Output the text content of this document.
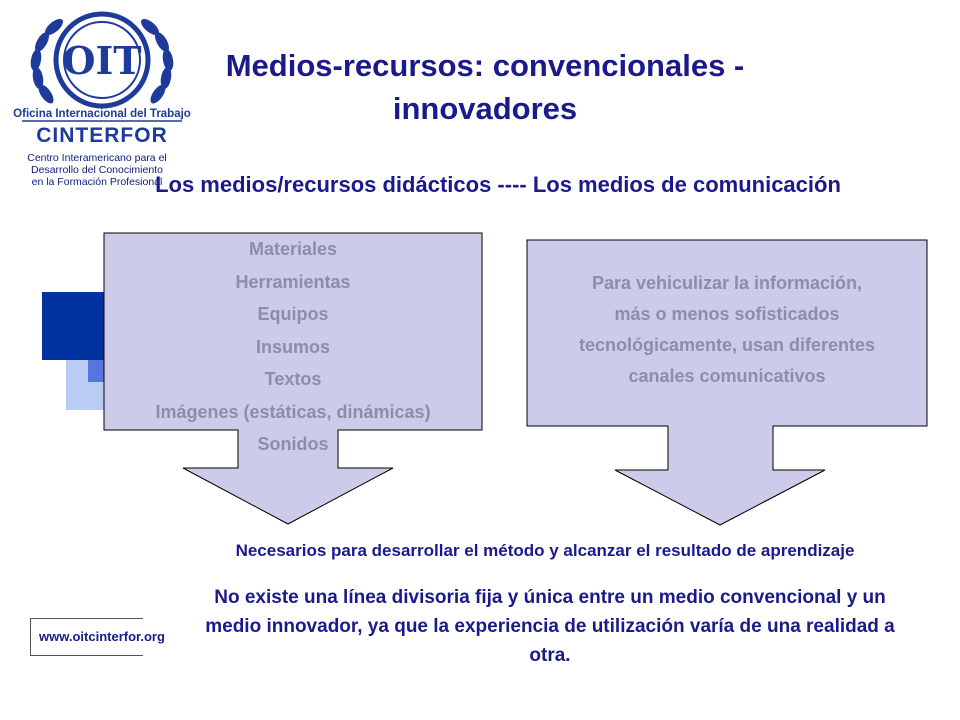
OIT
Oficina Internacional del Trabajo
CINTERFOR
Centro Interamericano para el
Desarrollo del Conocimiento
en la Formación Profesional
Medios-recursos: convencionales -
innovadores
Los medios/recursos didácticos ---- Los medios de comunicación
Materiales
Herramientas
Equipos
Insumos
Textos
Imágenes (estáticas, dinámicas)
Sonidos
Para vehiculizar la información,
más o menos sofisticados
tecnológicamente, usan diferentes
canales comunicativos
Necesarios para desarrollar el método y alcanzar el resultado de aprendizaje
No existe una línea divisoria fija y única entre un medio convencional y un
medio innovador, ya que la experiencia de utilización varía de una realidad a
otra.
www.oitcinterfor.org
